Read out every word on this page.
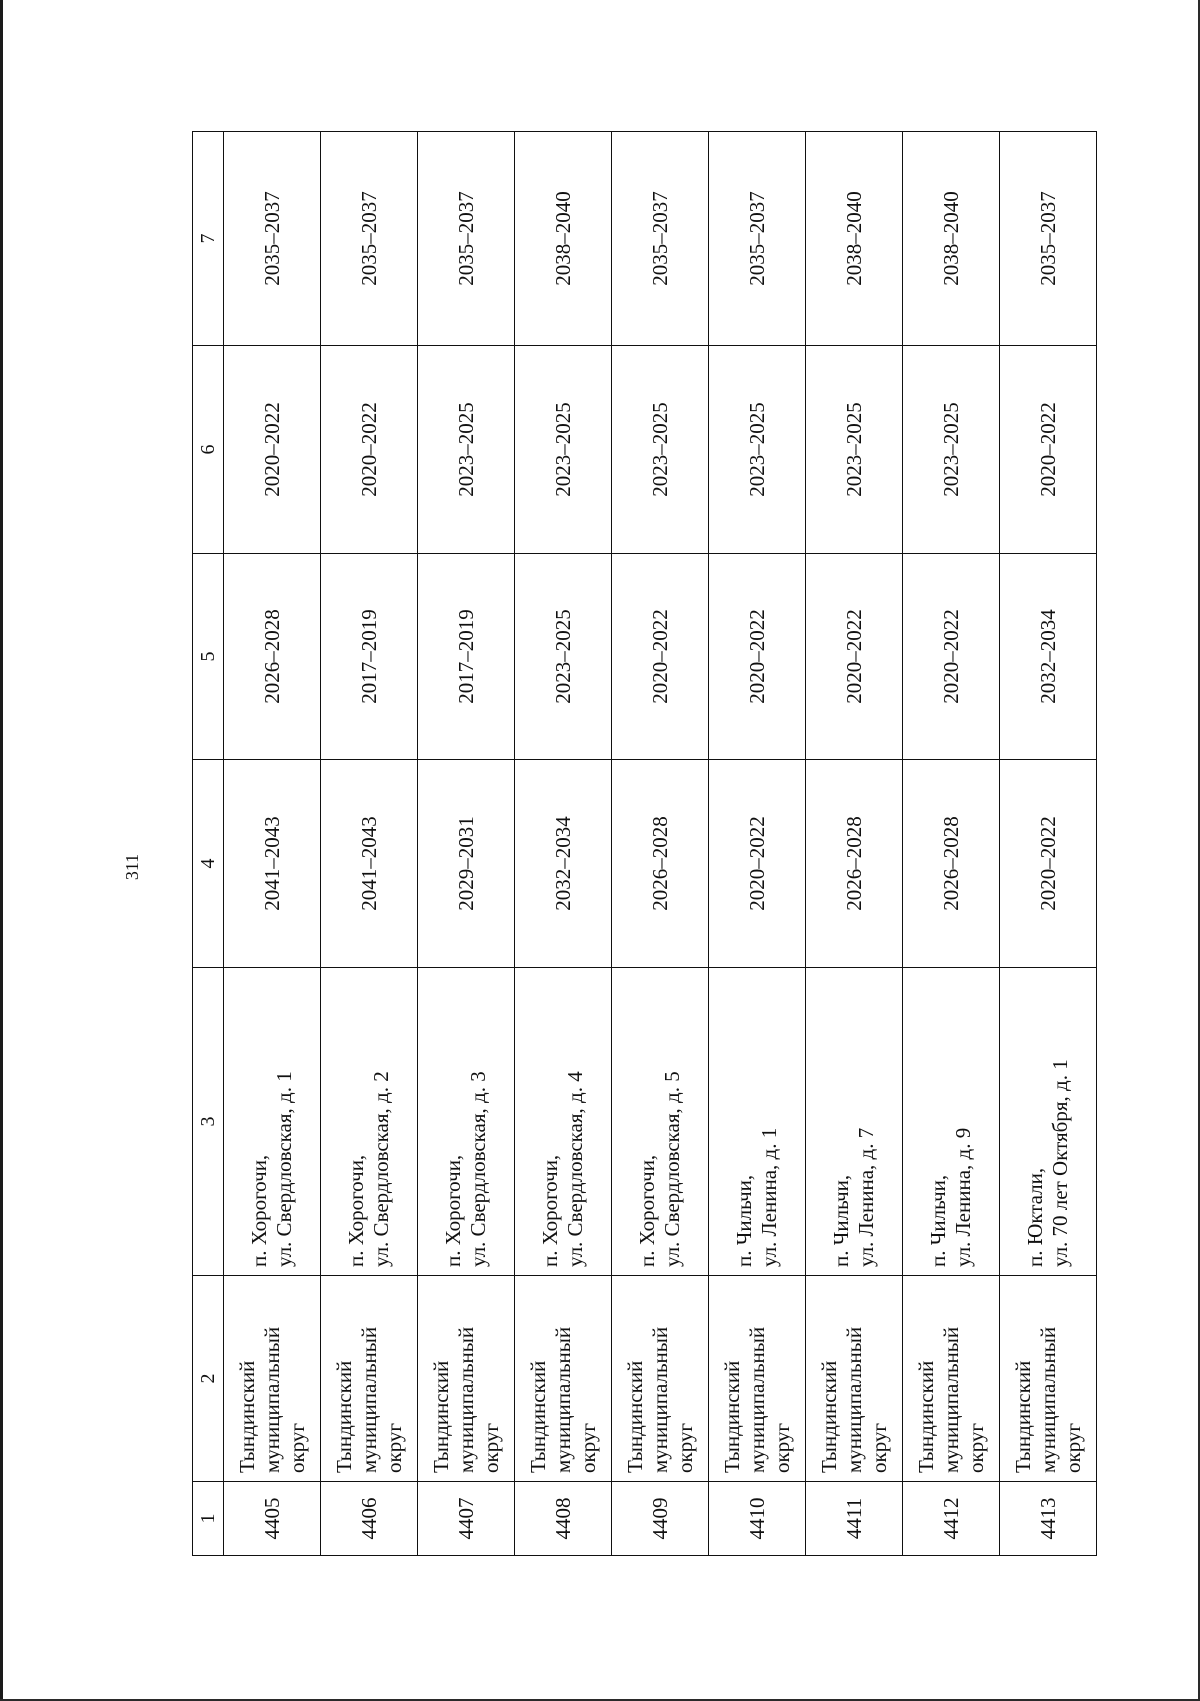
311
1	2	3	4	5	6	7

4405	Тындинский муниципальный округ	п. Хорогочи, ул. Свердловская, д. 1	2041–2043	2026–2028	2020–2022	2035–2037

4406	Тындинский муниципальный округ	п. Хорогочи, ул. Свердловская, д. 2	2041–2043	2017–2019	2020–2022	2035–2037

4407	Тындинский муниципальный округ	п. Хорогочи, ул. Свердловская, д. 3	2029–2031	2017–2019	2023–2025	2035–2037

4408	Тындинский муниципальный округ	п. Хорогочи, ул. Свердловская, д. 4	2032–2034	2023–2025	2023–2025	2038–2040

4409	Тындинский муниципальный округ	п. Хорогочи, ул. Свердловская, д. 5	2026–2028	2020–2022	2023–2025	2035–2037

4410	Тындинский муниципальный округ	п. Чильчи, ул. Ленина, д. 1	2020–2022	2020–2022	2023–2025	2035–2037

4411	Тындинский муниципальный округ	п. Чильчи, ул. Ленина, д. 7	2026–2028	2020–2022	2023–2025	2038–2040

4412	Тындинский муниципальный округ	п. Чильчи, ул. Ленина, д. 9	2026–2028	2020–2022	2023–2025	2038–2040

4413	Тындинский муниципальный округ	п. Юктали, ул. 70 лет Октября, д. 1	2020–2022	2032–2034	2020–2022	2035–2037
